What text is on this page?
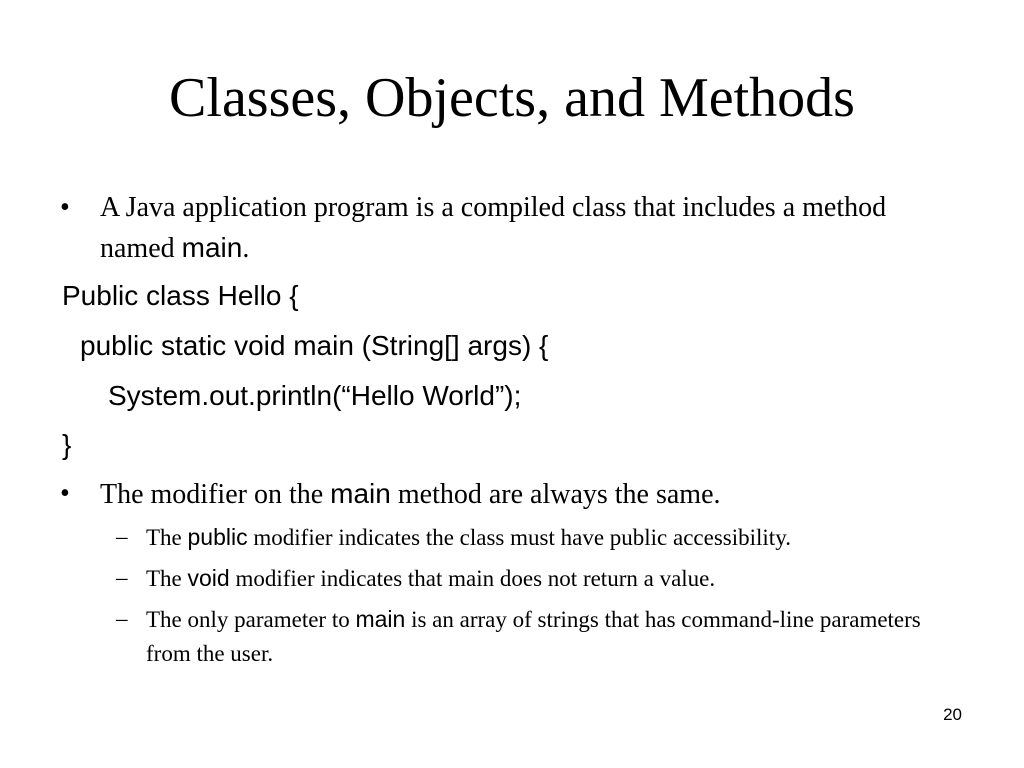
Classes, Objects, and Methods
•	A Java application program is a compiled class that includes a method named main.
Public class Hello {
public static void main (String[] args) {
System.out.println(“Hello World”);
}
•	The modifier on the main method are always the same.
– The public modifier indicates the class must have public accessibility.
– The void modifier indicates that main does not return a value.
– The only parameter to main is an array of strings that has command-line parameters from the user.
20
